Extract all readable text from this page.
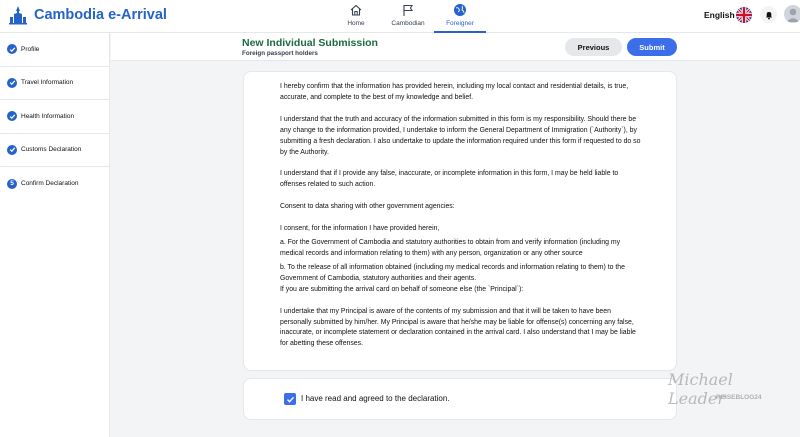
Cambodia e-Arrival
Home	Cambodian	Foreigner
English
Profile
Travel Information
Health Information
Customs Declaration
5	Confirm Declaration
New Individual Submission
Foreign passport holders
Previous	Submit

I hereby confirm that the information has provided herein, including my local contact and residential details, is true, accurate, and complete to the best of my knowledge and belief.

I understand that the truth and accuracy of the information submitted in this form is my responsibility. Should there be any change to the information provided, I undertake to inform the General Department of Immigration (`Authority`), by submitting a fresh declaration. I also undertake to update the information required under this form if requested to do so by the Authority.

I understand that if I provide any false, inaccurate, or incomplete information in this form, I may be held liable to offenses related to such action.

Consent to data sharing with other government agencies:

I consent, for the information I have provided herein,

a. For the Government of Cambodia and statutory authorities to obtain from and verify information (including my medical records and information relating to them) with any person, organization or any other source

b. To the release of all information obtained (including my medical records and information relating to them) to the Government of Cambodia, statutory authorities and their agents.

If you are submitting the arrival card on behalf of someone else (the `Principal`):

I undertake that my Principal is aware of the contents of my submission and that it will be taken to have been personally submitted by him/her. My Principal is aware that he/she may be liable for offense(s) concerning any false, inaccurate, or incomplete statement or declaration contained in the arrival card. I also understand that I may be liable for abetting these offenses.

I have read and agreed to the declaration.
Michael Leader
REISEBLOG24
